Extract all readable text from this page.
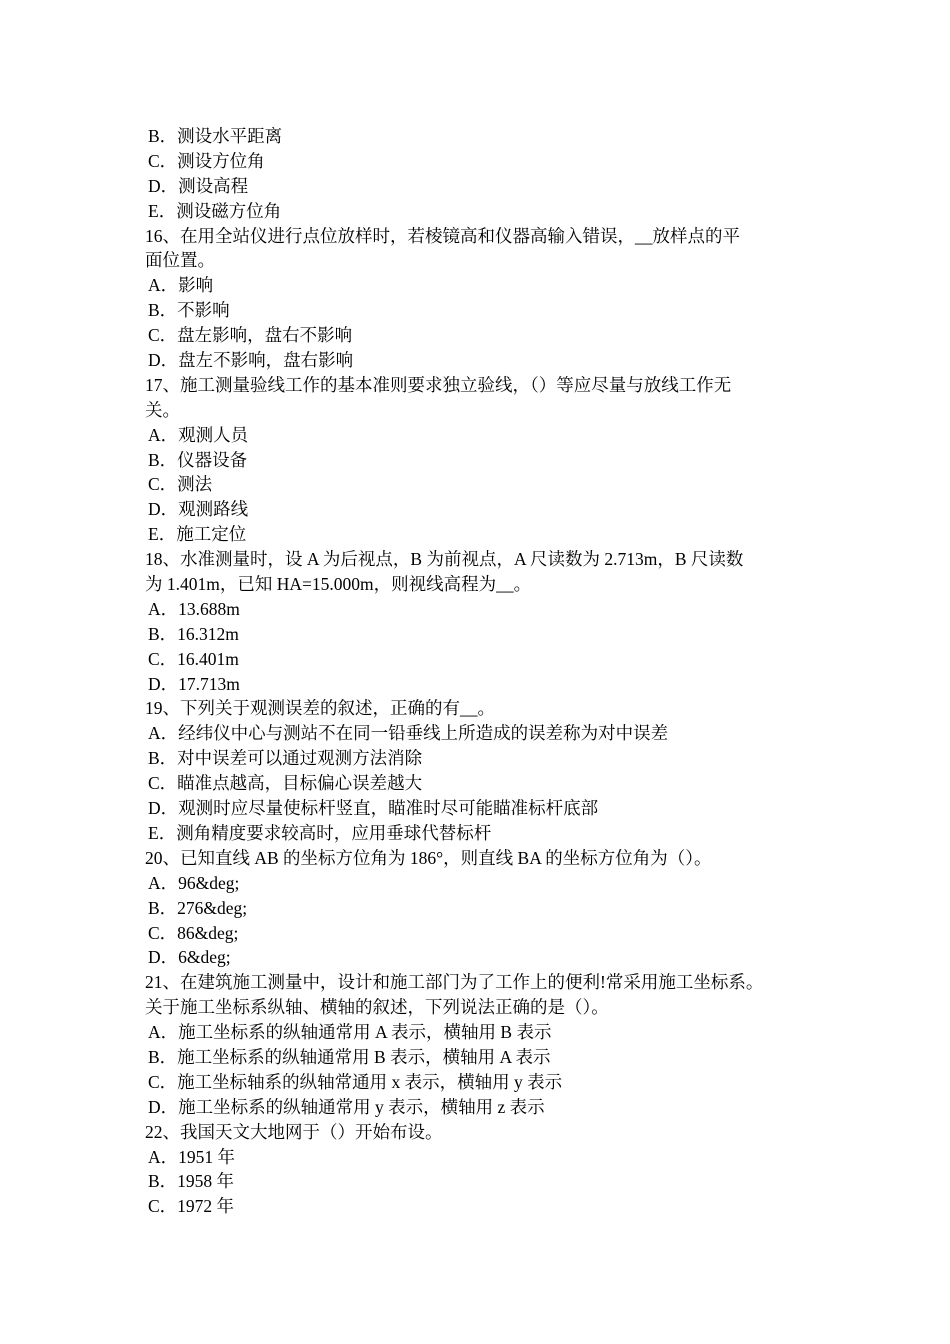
B．测设水平距离
C．测设方位角
D．测设高程
E．测设磁方位角
16、在用全站仪进行点位放样时，若棱镜高和仪器高输入错误，__放样点的平
面位置。
A．影响
B．不影响
C．盘左影响，盘右不影响
D．盘左不影响，盘右影响
17、施工测量验线工作的基本准则要求独立验线，（）等应尽量与放线工作无
关。
A．观测人员
B．仪器设备
C．测法
D．观测路线
E．施工定位
18、水准测量时，设 A 为后视点，B 为前视点，A 尺读数为 2.713m，B 尺读数
为 1.401m，已知 HA=15.000m，则视线高程为__。
A．13.688m
B．16.312m
C．16.401m
D．17.713m
19、下列关于观测误差的叙述，正确的有__。
A．经纬仪中心与测站不在同一铅垂线上所造成的误差称为对中误差
B．对中误差可以通过观测方法消除
C．瞄准点越高，目标偏心误差越大
D．观测时应尽量使标杆竖直，瞄准时尽可能瞄准标杆底部
E．测角精度要求较高时，应用垂球代替标杆
20、已知直线 AB 的坐标方位角为 186°，则直线 BA 的坐标方位角为（）。
A．96&deg;
B．276&deg;
C．86&deg;
D．6&deg;
21、在建筑施工测量中，设计和施工部门为了工作上的便利!常采用施工坐标系。
关于施工坐标系纵轴、横轴的叙述，下列说法正确的是（）。
A．施工坐标系的纵轴通常用 A 表示，横轴用 B 表示
B．施工坐标系的纵轴通常用 B 表示，横轴用 A 表示
C．施工坐标轴系的纵轴常通用 x 表示，横轴用 y 表示
D．施工坐标系的纵轴通常用 y 表示，横轴用 z 表示
22、我国天文大地网于（）开始布设。
A．1951 年
B．1958 年
C．1972 年
